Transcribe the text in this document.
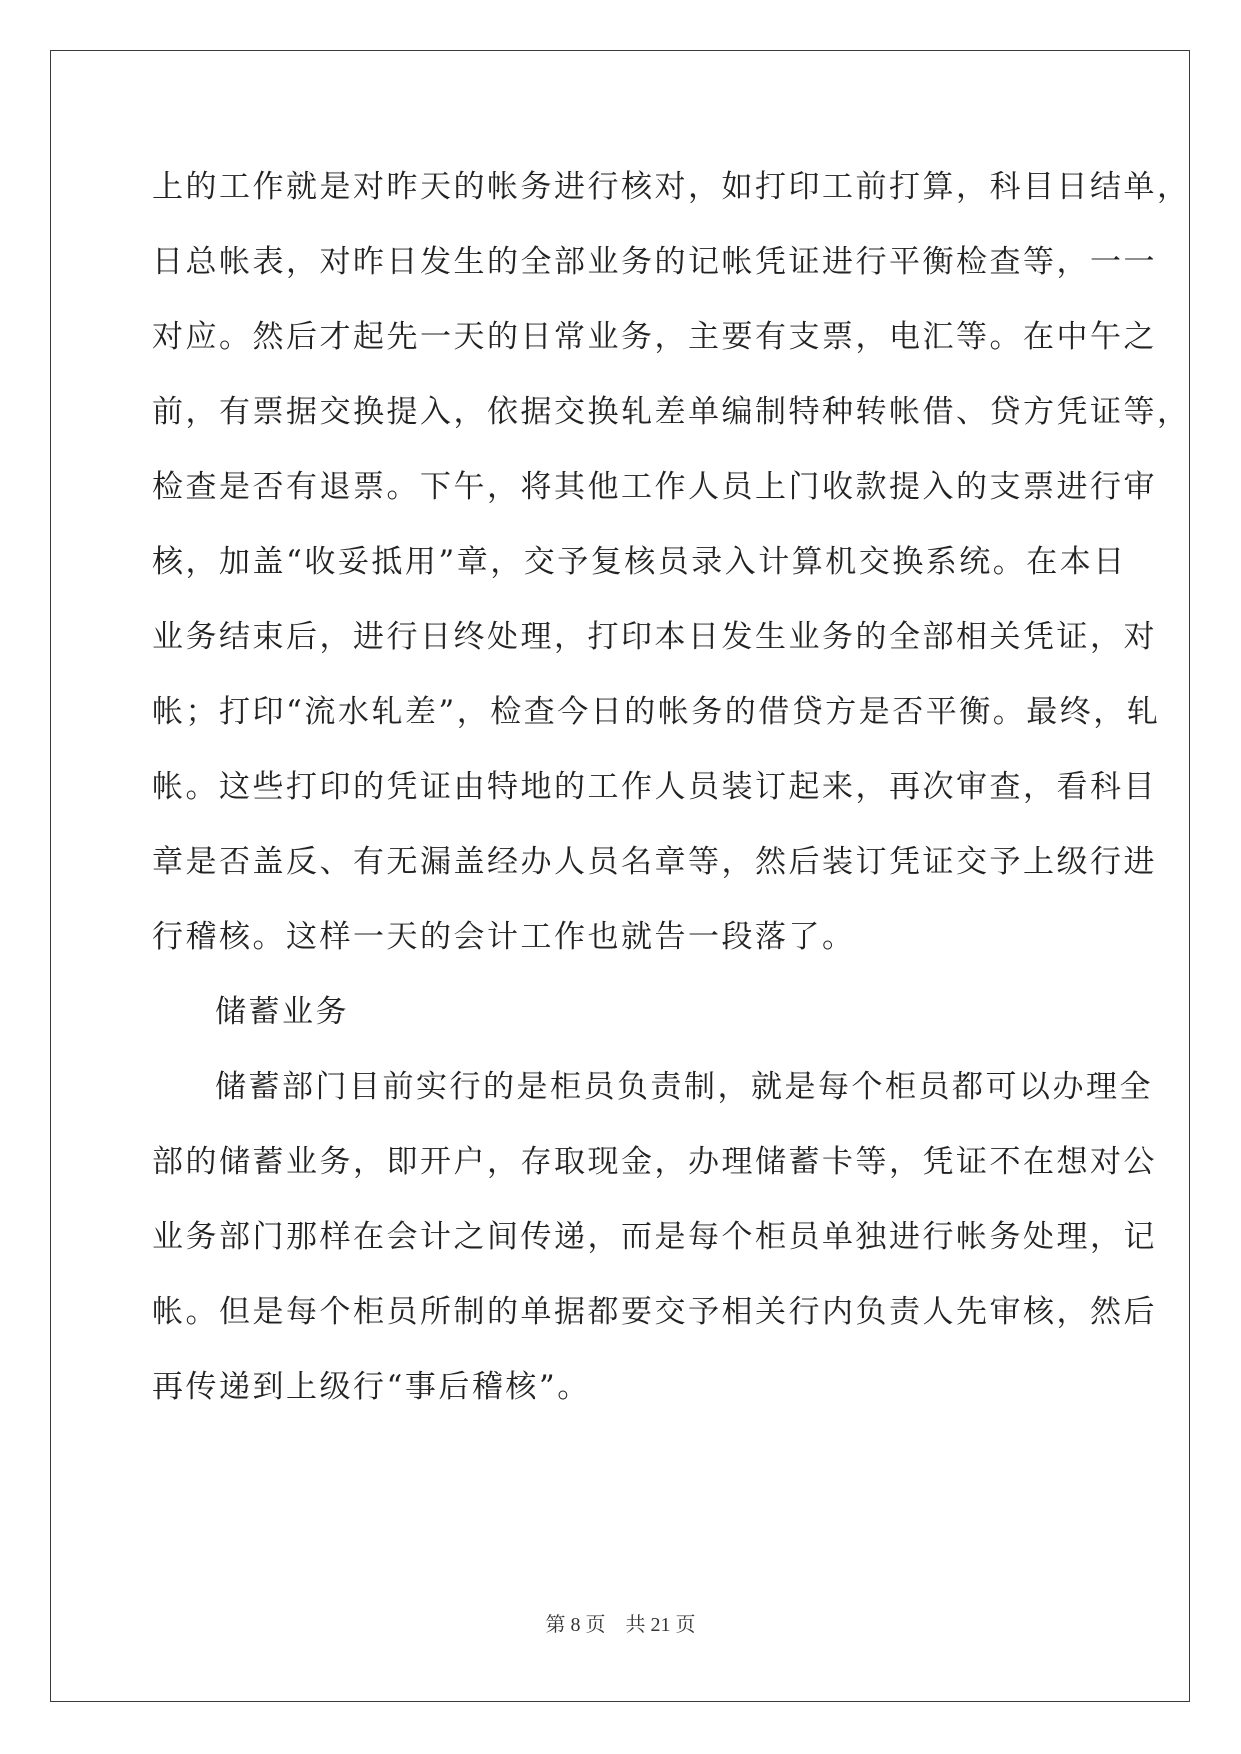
上的工作就是对昨天的帐务进行核对，如打印工前打算，科目日结单，

日总帐表，对昨日发生的全部业务的记帐凭证进行平衡检查等，一一

对应。然后才起先一天的日常业务，主要有支票，电汇等。在中午之

前，有票据交换提入，依据交换轧差单编制特种转帐借、贷方凭证等，

检查是否有退票。下午，将其他工作人员上门收款提入的支票进行审

核，加盖“收妥抵用”章，交予复核员录入计算机交换系统。在本日

业务结束后，进行日终处理，打印本日发生业务的全部相关凭证，对

帐；打印“流水轧差”，检查今日的帐务的借贷方是否平衡。最终，轧

帐。这些打印的凭证由特地的工作人员装订起来，再次审查，看科目

章是否盖反、有无漏盖经办人员名章等，然后装订凭证交予上级行进

行稽核。这样一天的会计工作也就告一段落了。

储蓄业务

储蓄部门目前实行的是柜员负责制，就是每个柜员都可以办理全

部的储蓄业务，即开户，存取现金，办理储蓄卡等，凭证不在想对公

业务部门那样在会计之间传递，而是每个柜员单独进行帐务处理，记

帐。但是每个柜员所制的单据都要交予相关行内负责人先审核，然后

再传递到上级行“事后稽核”。

第 8 页    共 21 页
